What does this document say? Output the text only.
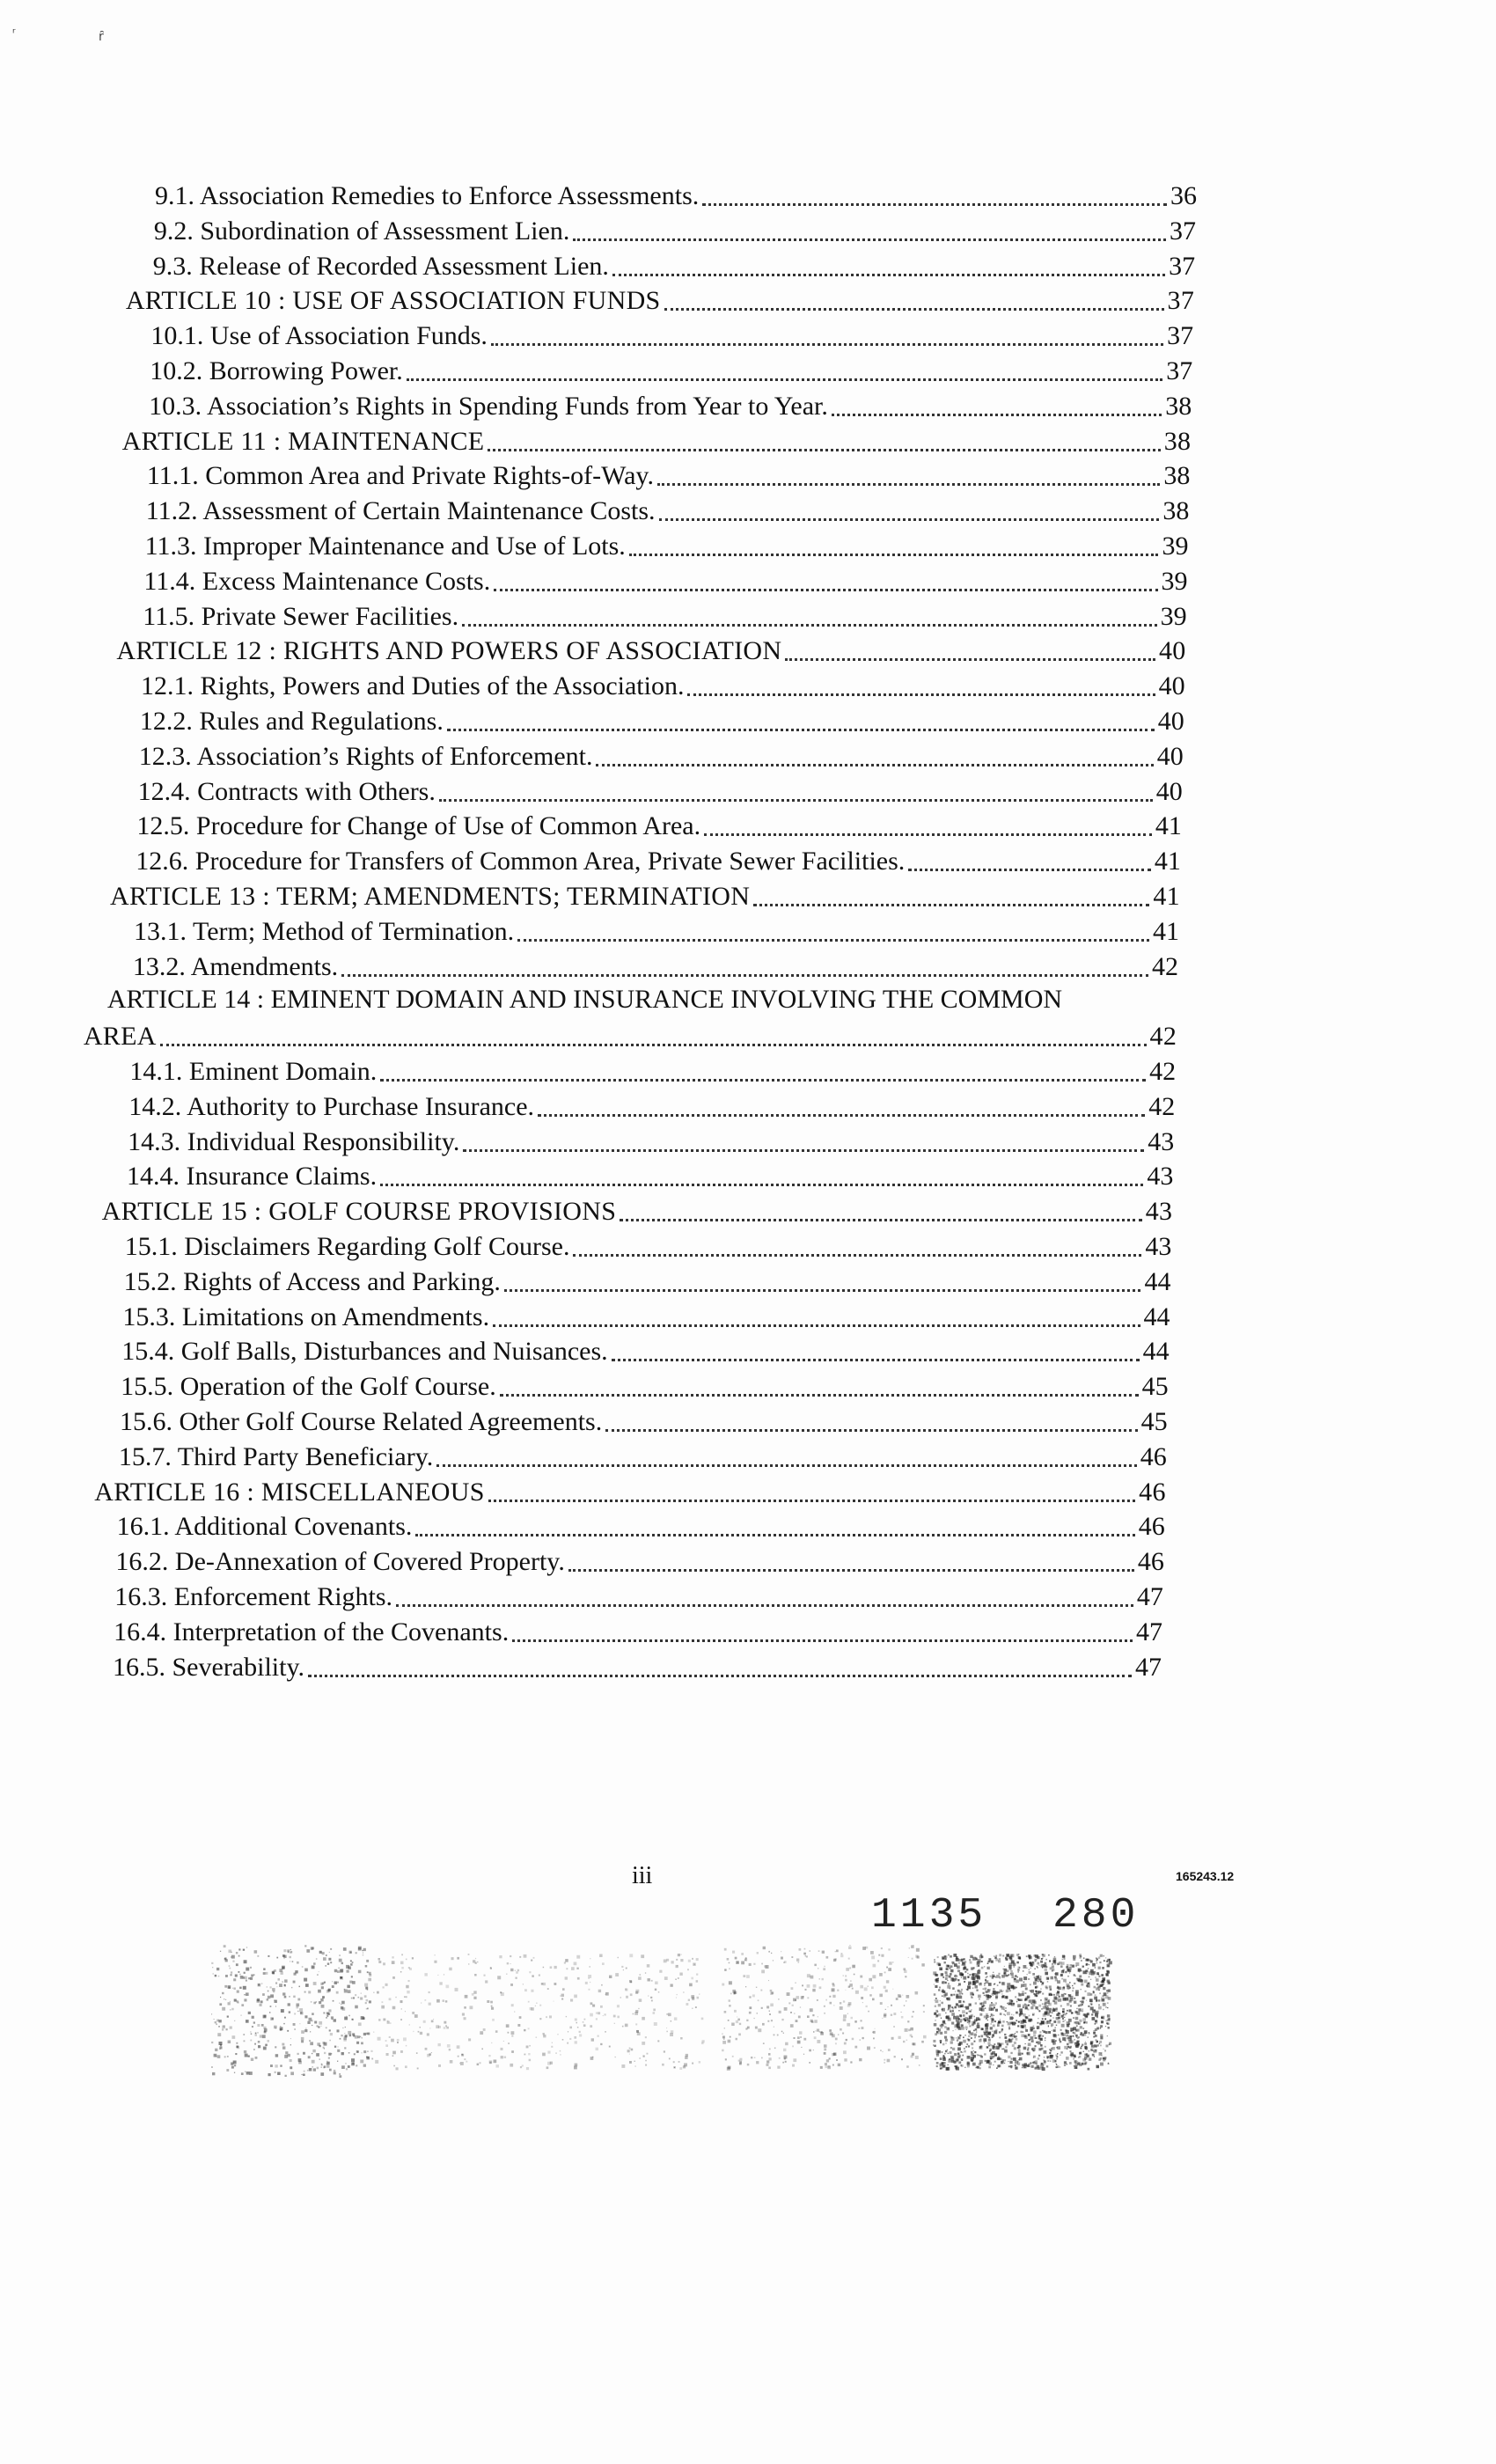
ʳ	ȓ
9.1. Association Remedies to Enforce Assessments.	36
9.2. Subordination of Assessment Lien.	37
9.3. Release of Recorded Assessment Lien.	37
ARTICLE 10 : USE OF ASSOCIATION FUNDS	37
10.1. Use of Association Funds.	37
10.2. Borrowing Power.	37
10.3. Association’s Rights in Spending Funds from Year to Year.	38
ARTICLE 11 : MAINTENANCE	38
11.1. Common Area and Private Rights-of-Way.	38
11.2. Assessment of Certain Maintenance Costs.	38
11.3. Improper Maintenance and Use of Lots.	39
11.4. Excess Maintenance Costs.	39
11.5. Private Sewer Facilities.	39
ARTICLE 12 : RIGHTS AND POWERS OF ASSOCIATION	40
12.1. Rights, Powers and Duties of the Association.	40
12.2. Rules and Regulations.	40
12.3. Association’s Rights of Enforcement.	40
12.4. Contracts with Others.	40
12.5. Procedure for Change of Use of Common Area.	41
12.6. Procedure for Transfers of Common Area, Private Sewer Facilities.	41
ARTICLE 13 : TERM; AMENDMENTS; TERMINATION	41
13.1. Term; Method of Termination.	41
13.2. Amendments.	42
ARTICLE 14 : EMINENT DOMAIN AND INSURANCE INVOLVING THE COMMON
AREA	42
14.1. Eminent Domain.	42
14.2. Authority to Purchase Insurance.	42
14.3. Individual Responsibility.	43
14.4. Insurance Claims.	43
ARTICLE 15 : GOLF COURSE PROVISIONS	43
15.1. Disclaimers Regarding Golf Course.	43
15.2. Rights of Access and Parking.	44
15.3. Limitations on Amendments.	44
15.4. Golf Balls, Disturbances and Nuisances.	44
15.5. Operation of the Golf Course.	45
15.6. Other Golf Course Related Agreements.	45
15.7. Third Party Beneficiary.	46
ARTICLE 16 : MISCELLANEOUS	46
16.1. Additional Covenants.	46
16.2. De-Annexation of Covered Property.	46
16.3. Enforcement Rights.	47
16.4. Interpretation of the Covenants.	47
16.5. Severability.	47
iii	165243.12
1135 280
